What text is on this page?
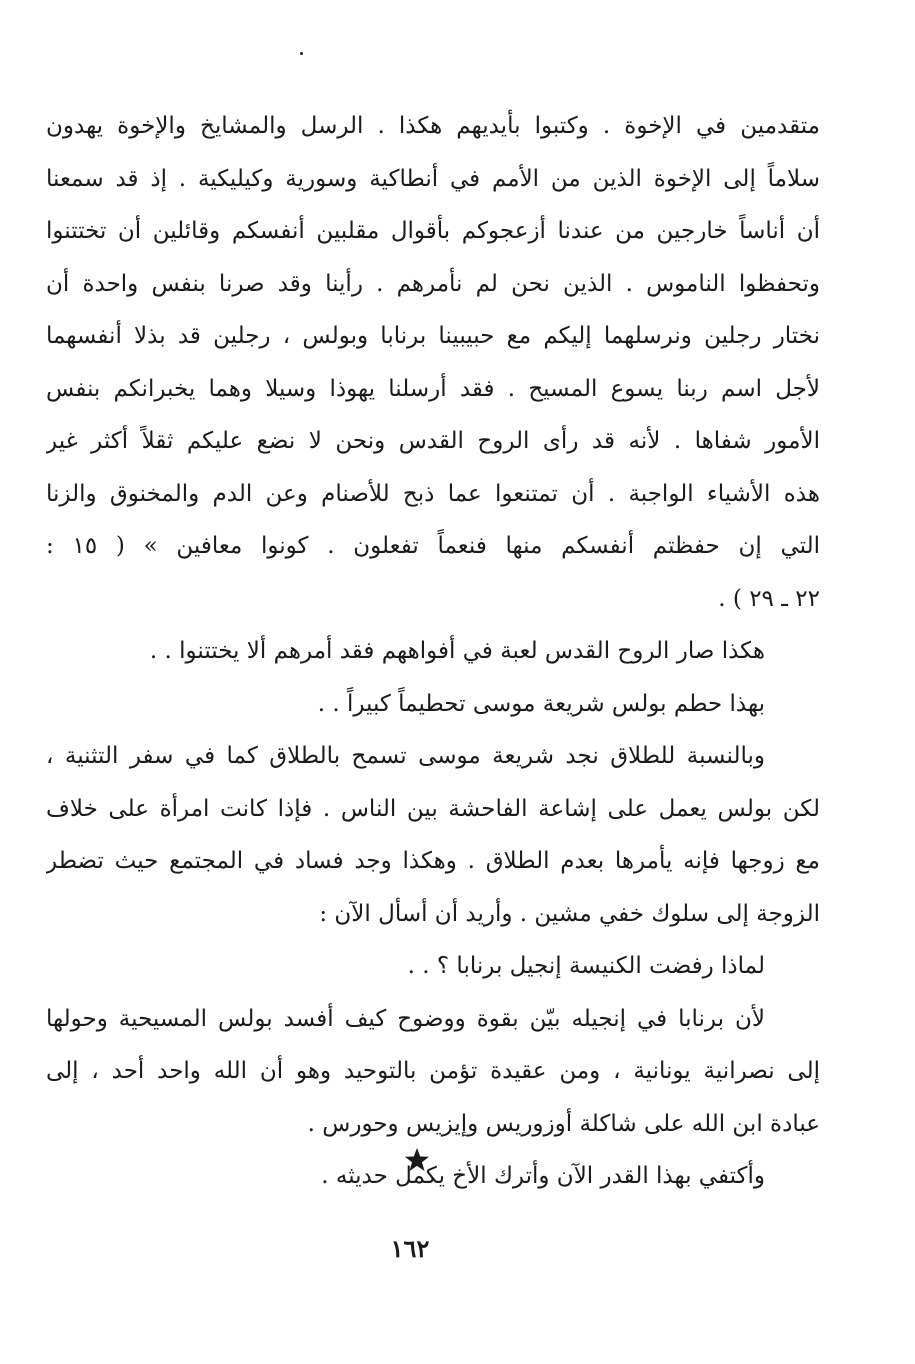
متقدمين في الإخوة . وكتبوا بأيديهم هكذا . الرسل والمشايخ والإخوة يهدون
سلاماً إلى الإخوة الذين من الأمم في أنطاكية وسورية وكيليكية . إذ قد سمعنا
أن أناساً خارجين من عندنا أزعجوكم بأقوال مقلبين أنفسكم وقائلين أن تختتنوا
وتحفظوا الناموس . الذين نحن لم نأمرهم . رأينا وقد صرنا بنفس واحدة أن
نختار رجلين ونرسلهما إليكم مع حبيبينا برنابا وبولس ، رجلين قد بذلا أنفسهما
لأجل اسم ربنا يسوع المسيح . فقد أرسلنا يهوذا وسيلا وهما يخبرانكم بنفس
الأمور شفاها . لأنه قد رأى الروح القدس ونحن لا نضع عليكم ثقلاً أكثر غير
هذه الأشياء الواجبة . أن تمتنعوا عما ذبح للأصنام وعن الدم والمخنوق والزنا
التي إن حفظتم أنفسكم منها فنعماً تفعلون . كونوا معافين » ( ١٥ :
٢٢ ـ ٢٩ ) .
هكذا صار الروح القدس لعبة في أفواههم فقد أمرهم ألا يختتنوا . .
بهذا حطم بولس شريعة موسى تحطيماً كبيراً . .
وبالنسبة للطلاق نجد شريعة موسى تسمح بالطلاق كما في سفر التثنية ،
لكن بولس يعمل على إشاعة الفاحشة بين الناس . فإذا كانت امرأة على خلاف
مع زوجها فإنه يأمرها بعدم الطلاق . وهكذا وجد فساد في المجتمع حيث تضطر
الزوجة إلى سلوك خفي مشين . وأريد أن أسأل الآن :
لماذا رفضت الكنيسة إنجيل برنابا ؟ . .
لأن برنابا في إنجيله بيّن بقوة ووضوح كيف أفسد بولس المسيحية وحولها
إلى نصرانية يونانية ، ومن عقيدة تؤمن بالتوحيد وهو أن الله واحد أحد ، إلى
عبادة ابن الله على شاكلة أوزوريس وإيزيس وحورس .
وأكتفي بهذا القدر الآن وأترك الأخ يكمل حديثه .
١٦٢
